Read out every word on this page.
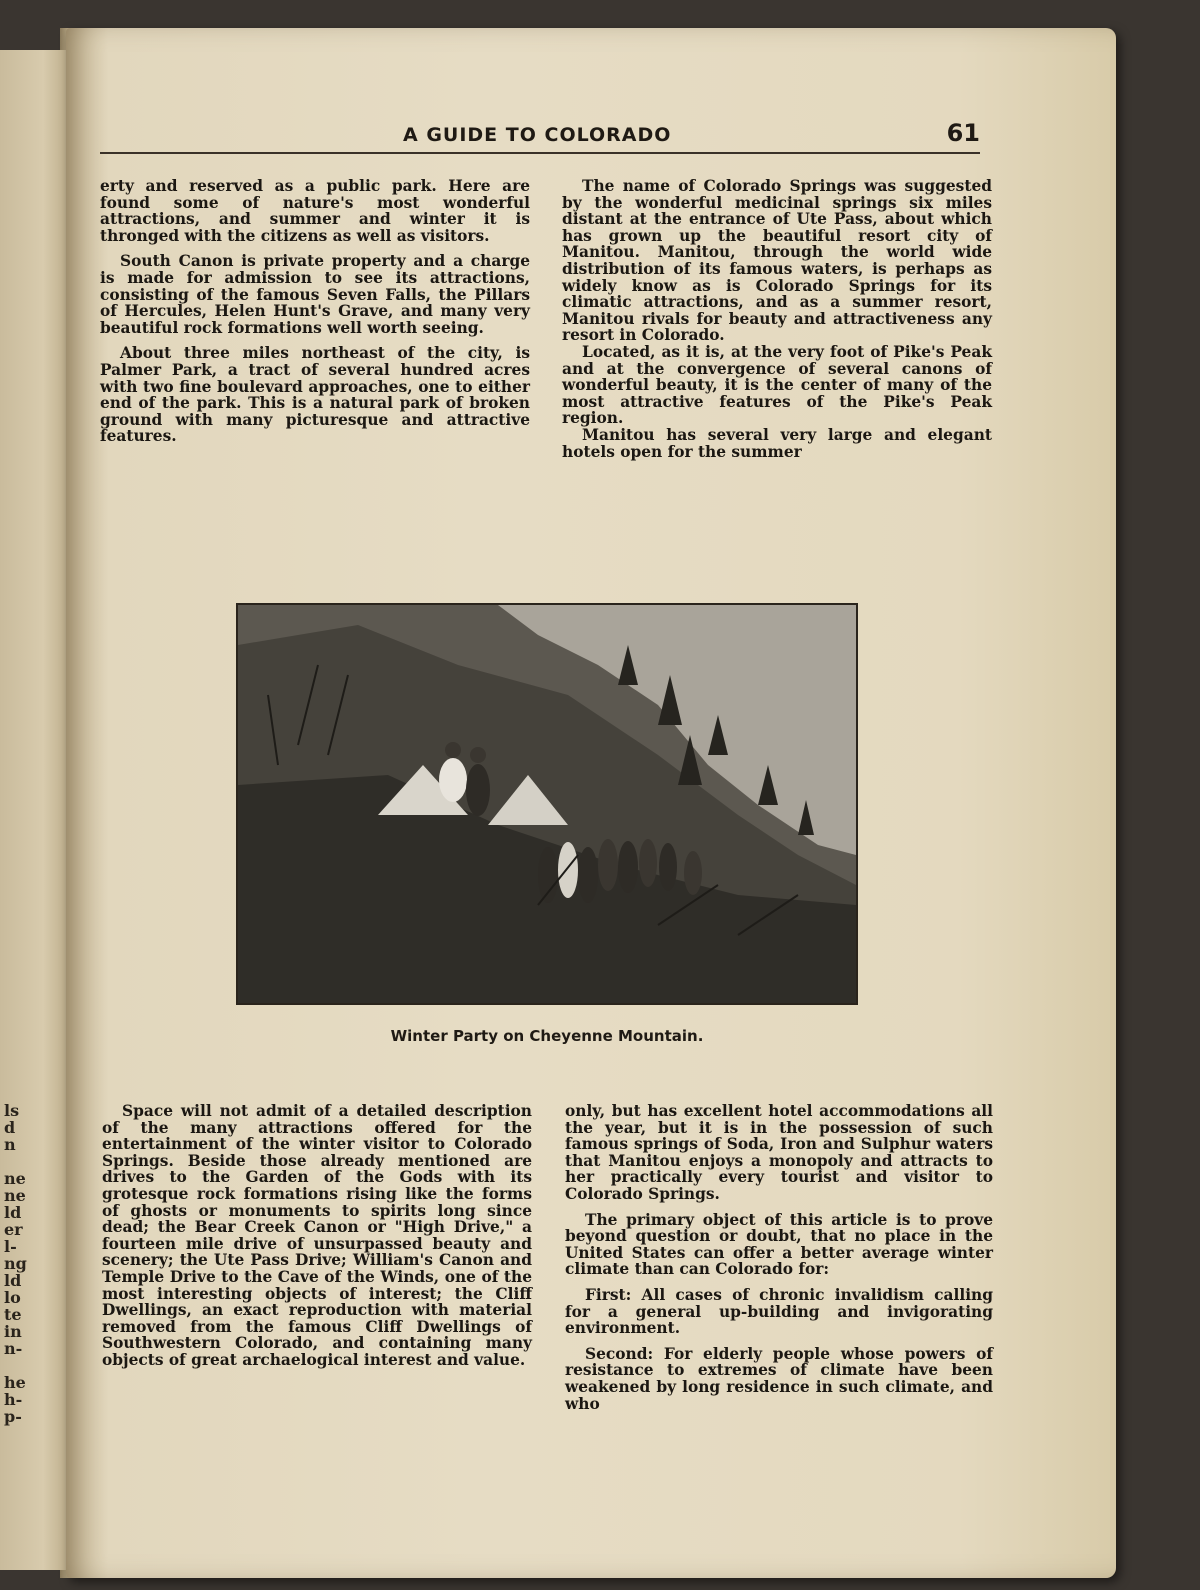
ls
d
n
ne
ne
ld
er
l-
ng
ld
lo
te
in
n-
he
h-
p-
A GUIDE TO COLORADO	61

erty and reserved as a public park. Here are found some of nature's most wonderful attractions, and summer and winter it is thronged with the citizens as well as visitors.

South Canon is private property and a charge is made for admission to see its attractions, consisting of the famous Seven Falls, the Pillars of Hercules, Helen Hunt's Grave, and many very beautiful rock formations well worth seeing.

About three miles northeast of the city, is Palmer Park, a tract of several hundred acres with two fine boulevard approaches, one to either end of the park. This is a natural park of broken ground with many picturesque and attractive features.

The name of Colorado Springs was suggested by the wonderful medicinal springs six miles distant at the entrance of Ute Pass, about which has grown up the beautiful resort city of Manitou. Manitou, through the world wide distribution of its famous waters, is perhaps as widely know as is Colorado Springs for its climatic attractions, and as a summer resort, Manitou rivals for beauty and attractiveness any resort in Colorado.

Located, as it is, at the very foot of Pike's Peak and at the convergence of several canons of wonderful beauty, it is the center of many of the most attractive features of the Pike's Peak region.

Manitou has several very large and elegant hotels open for the summer

Winter Party on Cheyenne Mountain.

Space will not admit of a detailed description of the many attractions offered for the entertainment of the winter visitor to Colorado Springs. Beside those already mentioned are drives to the Garden of the Gods with its grotesque rock formations rising like the forms of ghosts or monuments to spirits long since dead; the Bear Creek Canon or "High Drive," a fourteen mile drive of unsurpassed beauty and scenery; the Ute Pass Drive; William's Canon and Temple Drive to the Cave of the Winds, one of the most interesting objects of interest; the Cliff Dwellings, an exact reproduction with material removed from the famous Cliff Dwellings of Southwestern Colorado, and containing many objects of great archaelogical interest and value.

only, but has excellent hotel accommodations all the year, but it is in the possession of such famous springs of Soda, Iron and Sulphur waters that Manitou enjoys a monopoly and attracts to her practically every tourist and visitor to Colorado Springs.

The primary object of this article is to prove beyond question or doubt, that no place in the United States can offer a better average winter climate than can Colorado for:

First: All cases of chronic invalidism calling for a general up-building and invigorating environment.

Second: For elderly people whose powers of resistance to extremes of climate have been weakened by long residence in such climate, and who
